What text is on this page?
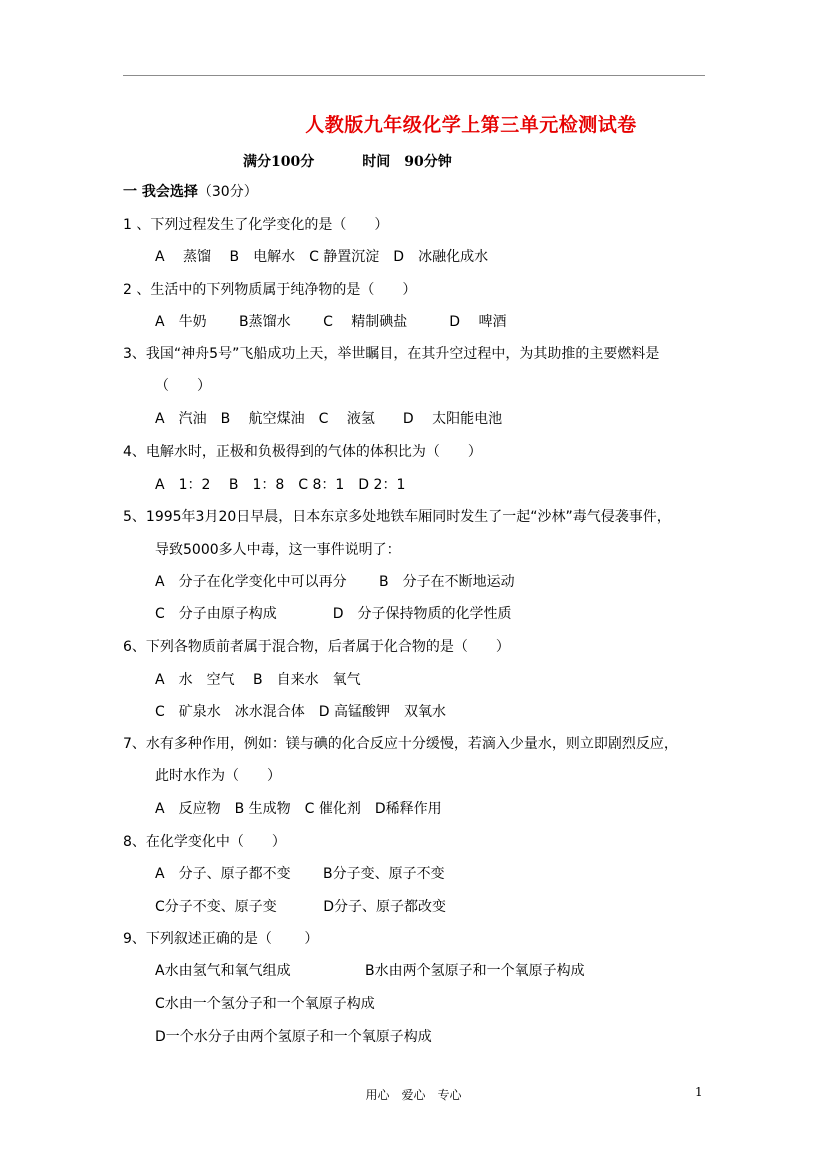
人教版九年级化学上第三单元检测试卷
满分100分	时间　90分钟
一 我会选择（30分）
1 、下列过程发生了化学变化的是（　　）
A　 蒸馏　 B　电解水　C 静置沉淀　D　冰融化成水
2 、生活中的下列物质属于纯净物的是（　　）
A　牛奶　　 B蒸馏水　　 C　 精制碘盐　　　D　 啤酒
3、我国“神舟5号”飞船成功上天，举世瞩目，在其升空过程中，为其助推的主要燃料是
（　　）
A　汽油　B　 航空煤油　C　 液氢　　D　 太阳能电池
4、电解水时，正极和负极得到的气体的体积比为（　　）
A　1：2　 B　1：8　C 8：1　D 2：1
5、1995年3月20日早晨，日本东京多处地铁车厢同时发生了一起“沙林”毒气侵袭事件，
导致5000多人中毒，这一事件说明了：
A　分子在化学变化中可以再分　　 B　分子在不断地运动
C　分子由原子构成　　　　D　分子保持物质的化学性质
6、下列各物质前者属于混合物，后者属于化合物的是（　　）
A　水　空气　 B　自来水　氧气
C　矿泉水　冰水混合体　D 高锰酸钾　双氧水
7、水有多种作用，例如：镁与碘的化合反应十分缓慢，若滴入少量水，则立即剧烈反应，
此时水作为（　　）
A　反应物　B 生成物　C 催化剂　D稀释作用
8、在化学变化中（　　）
A　分子、原子都不变　　 B分子变、原子不变
C分子不变、原子变　　　 D分子、原子都改变
9、下列叙述正确的是（　　 ）
A水由氢气和氧气组成　　　　　 B水由两个氢原子和一个氧原子构成
C水由一个氢分子和一个氧原子构成
D一个水分子由两个氢原子和一个氧原子构成
用心　爱心　专心	1
